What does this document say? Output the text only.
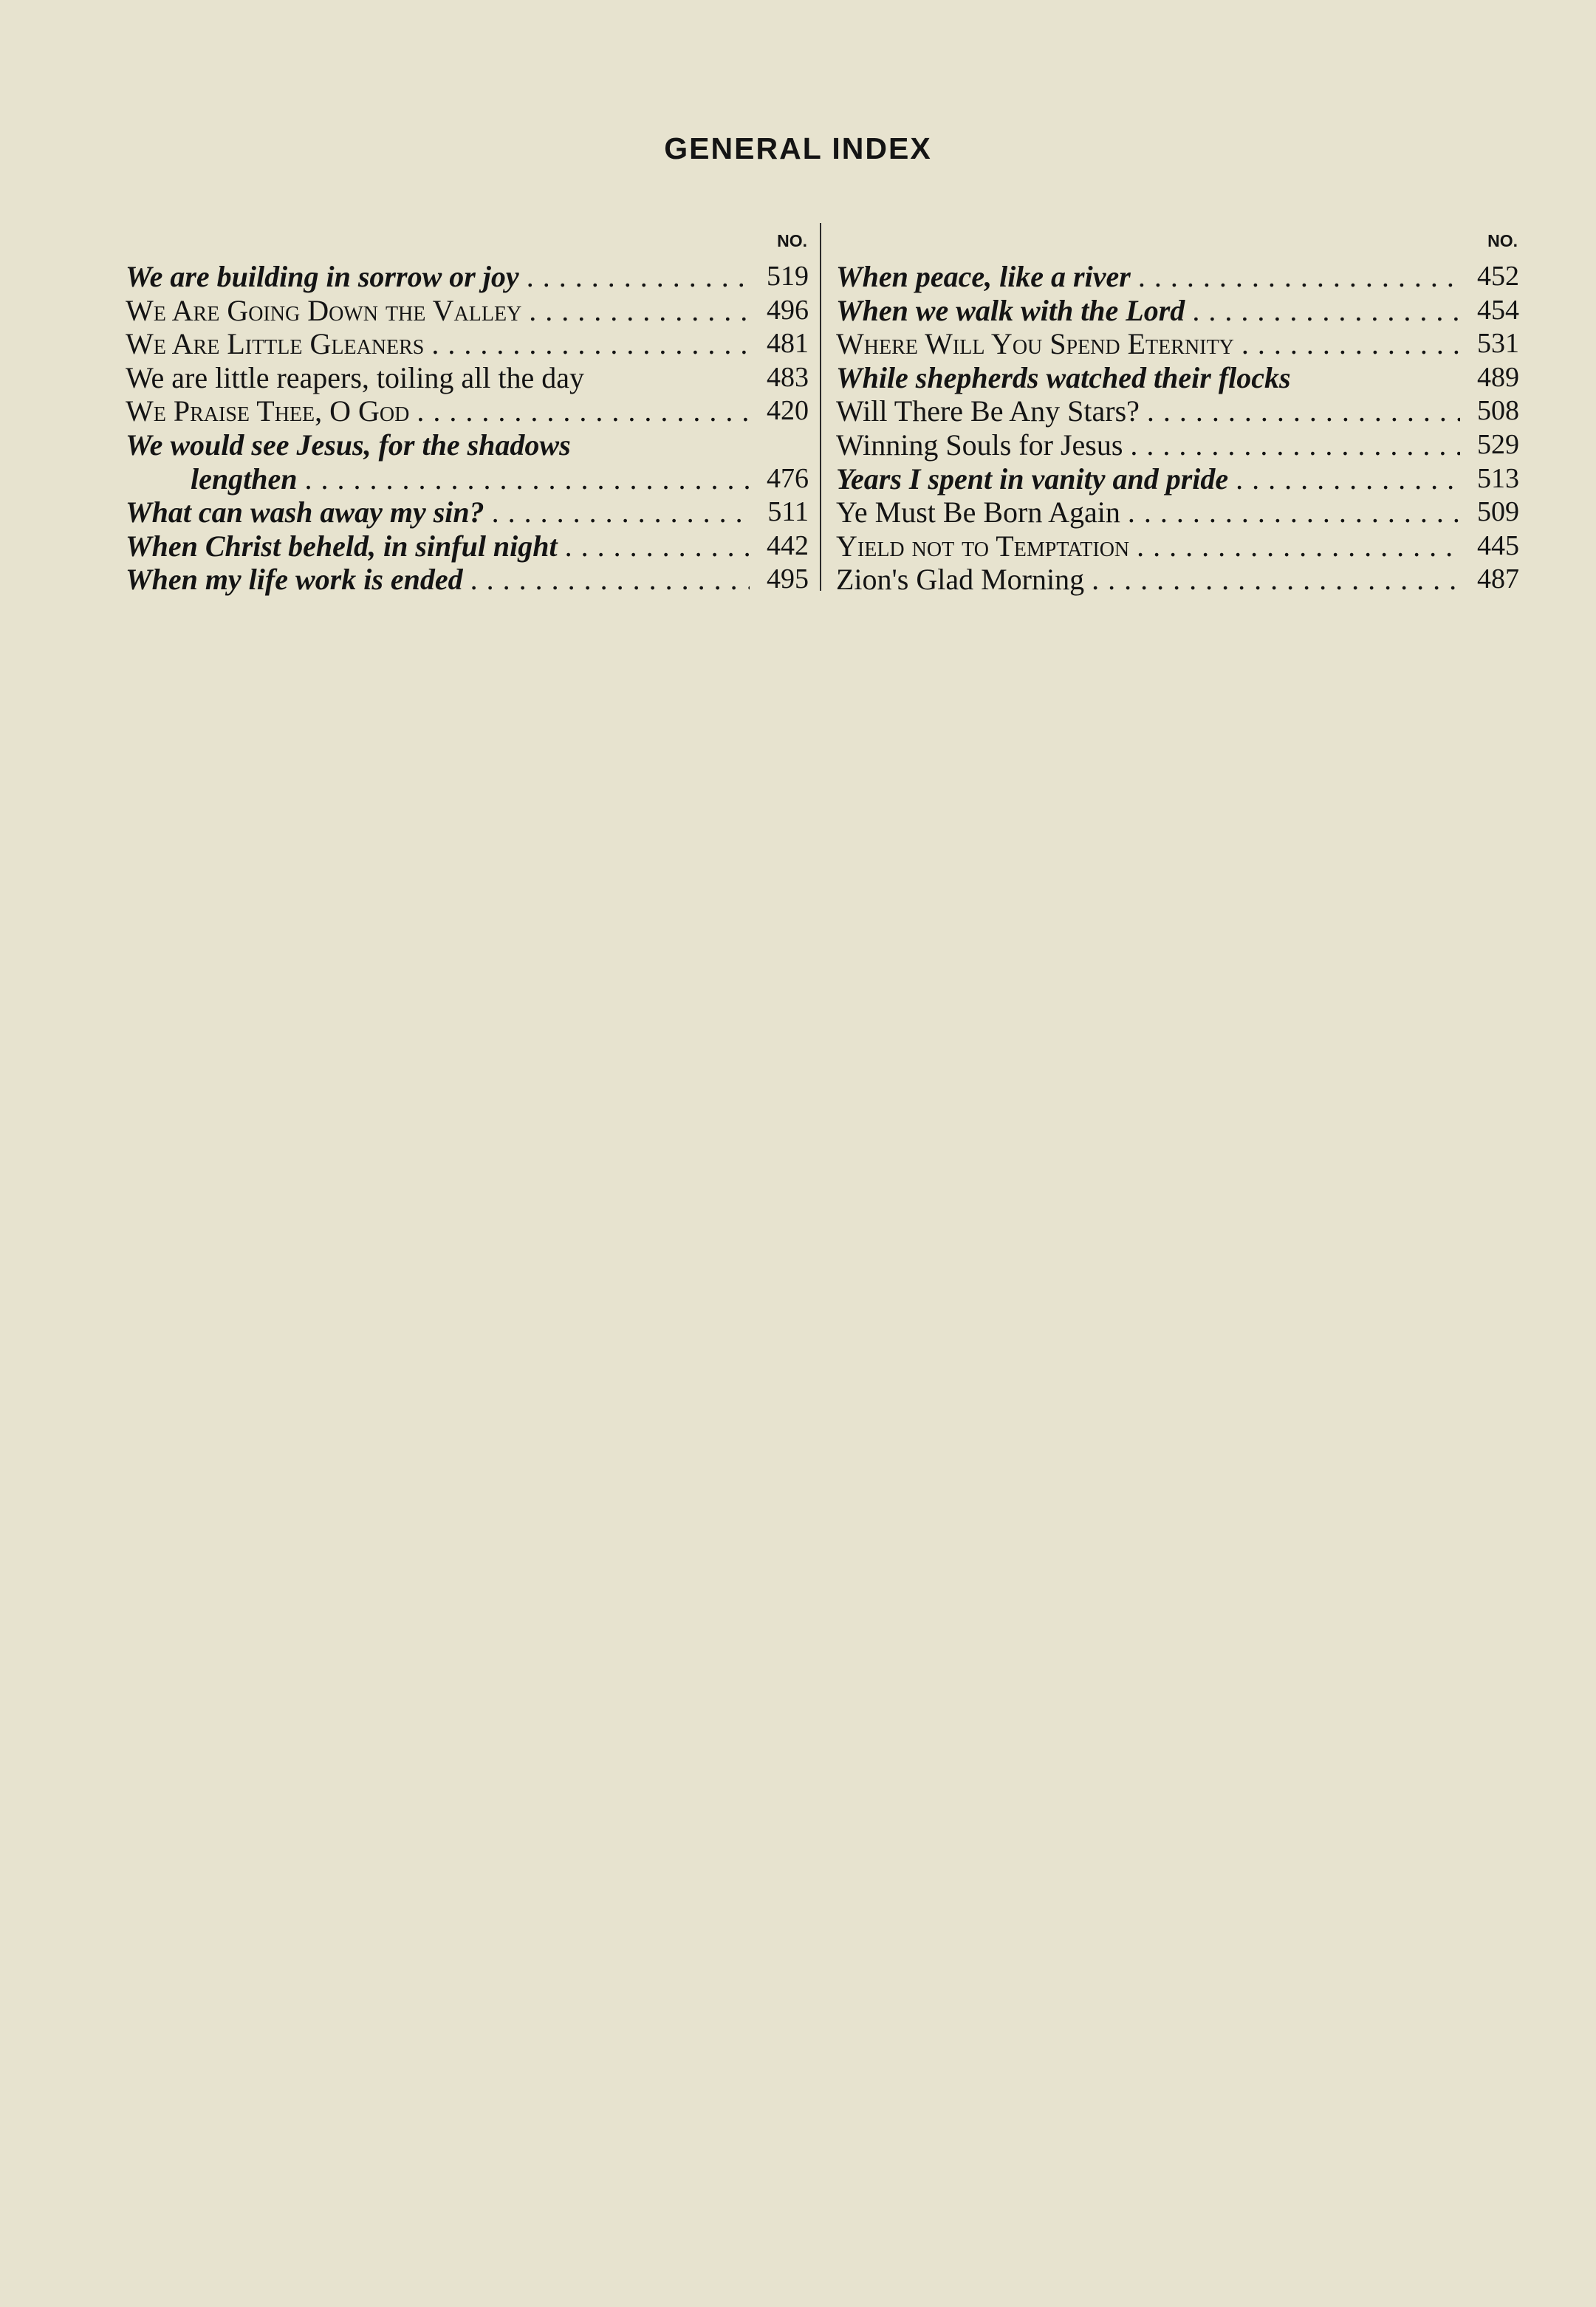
GENERAL INDEX
NO.
We are building in sorrow or joy . . .	519
We Are Going Down the Valley . . .	496
We Are Little Gleaners . . .	481
We are little reapers, toiling all the day	483
We Praise Thee, O God . . .	420
We would see Jesus, for the shadows
lengthen . . .	476
What can wash away my sin? . . .	511
When Christ beheld, in sinful night . . .	442
When my life work is ended . . .	495
NO.
When peace, like a river . . .	452
When we walk with the Lord . . .	454
Where Will You Spend Eternity . . .	531
While shepherds watched their flocks	489
Will There Be Any Stars? . . .	508
Winning Souls for Jesus . . .	529
Years I spent in vanity and pride . . .	513
Ye Must Be Born Again . . .	509
Yield not to Temptation . . .	445
Zion's Glad Morning . . .	487
